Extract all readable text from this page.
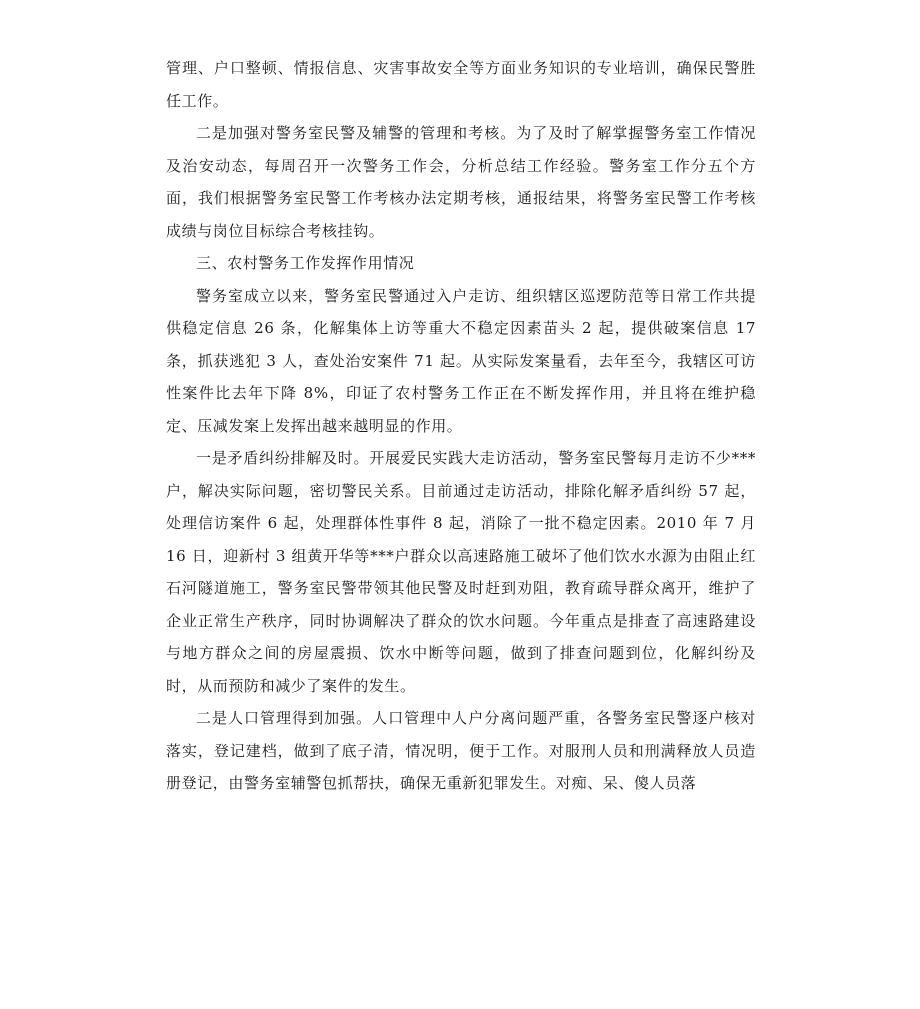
管理、户口整顿、情报信息、灾害事故安全等方面业务知识的专业培训，确保民警胜任工作。

二是加强对警务室民警及辅警的管理和考核。为了及时了解掌握警务室工作情况及治安动态，每周召开一次警务工作会，分析总结工作经验。警务室工作分五个方面，我们根据警务室民警工作考核办法定期考核，通报结果，将警务室民警工作考核成绩与岗位目标综合考核挂钩。

三、农村警务工作发挥作用情况

警务室成立以来，警务室民警通过入户走访、组织辖区巡逻防范等日常工作共提供稳定信息 26 条，化解集体上访等重大不稳定因素苗头 2 起，提供破案信息 17 条，抓获逃犯 3 人，查处治安案件 71 起。从实际发案量看，去年至今，我辖区可访性案件比去年下降 8%，印证了农村警务工作正在不断发挥作用，并且将在维护稳定、压减发案上发挥出越来越明显的作用。

一是矛盾纠纷排解及时。开展爱民实践大走访活动，警务室民警每月走访不少***户，解决实际问题，密切警民关系。目前通过走访活动，排除化解矛盾纠纷 57 起，处理信访案件 6 起，处理群体性事件 8 起，消除了一批不稳定因素。2010 年 7 月 16 日，迎新村 3 组黄开华等***户群众以高速路施工破坏了他们饮水水源为由阻止红石河隧道施工，警务室民警带领其他民警及时赶到劝阻，教育疏导群众离开，维护了企业正常生产秩序，同时协调解决了群众的饮水问题。今年重点是排查了高速路建设与地方群众之间的房屋震损、饮水中断等问题，做到了排查问题到位，化解纠纷及时，从而预防和减少了案件的发生。

二是人口管理得到加强。人口管理中人户分离问题严重，各警务室民警逐户核对落实，登记建档，做到了底子清，情况明，便于工作。对服刑人员和刑满释放人员造册登记，由警务室辅警包抓帮扶，确保无重新犯罪发生。对痴、呆、傻人员落
